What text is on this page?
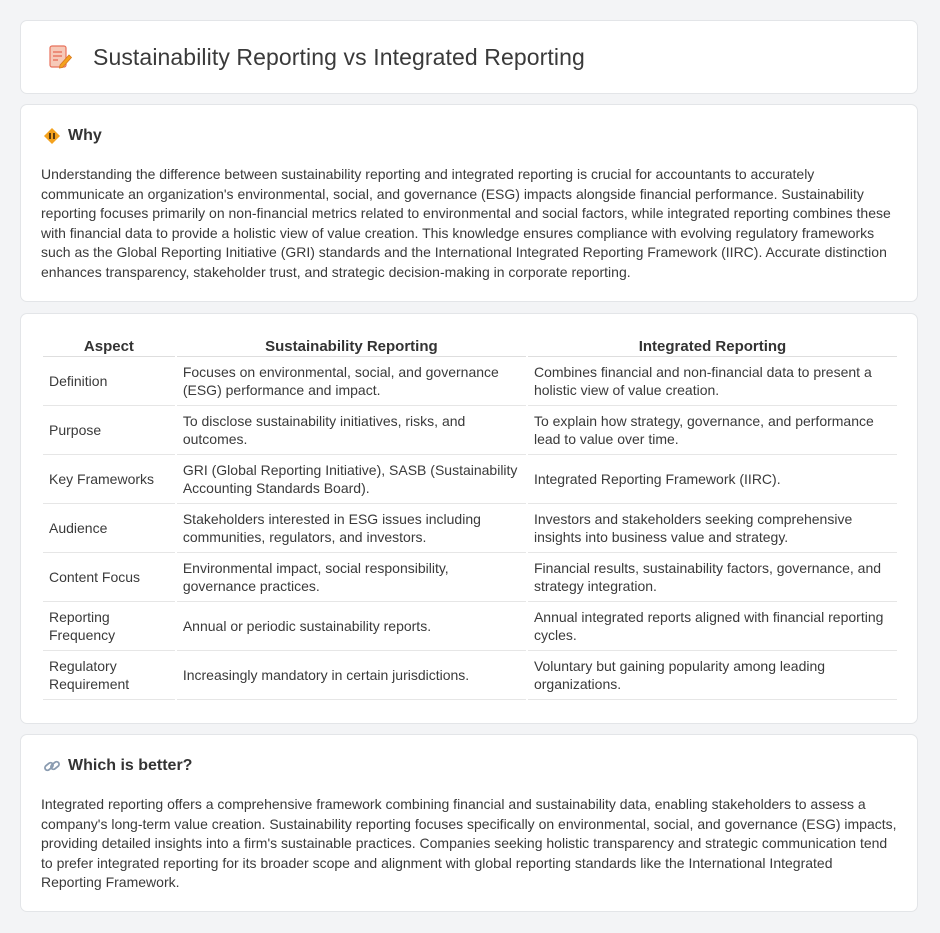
Sustainability Reporting vs Integrated Reporting
Why

Understanding the difference between sustainability reporting and integrated reporting is crucial for accountants to accurately communicate an organization's environmental, social, and governance (ESG) impacts alongside financial performance. Sustainability reporting focuses primarily on non-financial metrics related to environmental and social factors, while integrated reporting combines these with financial data to provide a holistic view of value creation. This knowledge ensures compliance with evolving regulatory frameworks such as the Global Reporting Initiative (GRI) standards and the International Integrated Reporting Framework (IIRC). Accurate distinction enhances transparency, stakeholder trust, and strategic decision-making in corporate reporting.

Aspect	Sustainability Reporting	Integrated Reporting
Definition	Focuses on environmental, social, and governance (ESG) performance and impact.	Combines financial and non-financial data to present a holistic view of value creation.
Purpose	To disclose sustainability initiatives, risks, and outcomes.	To explain how strategy, governance, and performance lead to value over time.
Key Frameworks	GRI (Global Reporting Initiative), SASB (Sustainability Accounting Standards Board).	Integrated Reporting Framework (IIRC).
Audience	Stakeholders interested in ESG issues including communities, regulators, and investors.	Investors and stakeholders seeking comprehensive insights into business value and strategy.
Content Focus	Environmental impact, social responsibility, governance practices.	Financial results, sustainability factors, governance, and strategy integration.
Reporting Frequency	Annual or periodic sustainability reports.	Annual integrated reports aligned with financial reporting cycles.
Regulatory Requirement	Increasingly mandatory in certain jurisdictions.	Voluntary but gaining popularity among leading organizations.
Which is better?

Integrated reporting offers a comprehensive framework combining financial and sustainability data, enabling stakeholders to assess a company's long-term value creation. Sustainability reporting focuses specifically on environmental, social, and governance (ESG) impacts, providing detailed insights into a firm's sustainable practices. Companies seeking holistic transparency and strategic communication tend to prefer integrated reporting for its broader scope and alignment with global reporting standards like the International Integrated Reporting Framework.
